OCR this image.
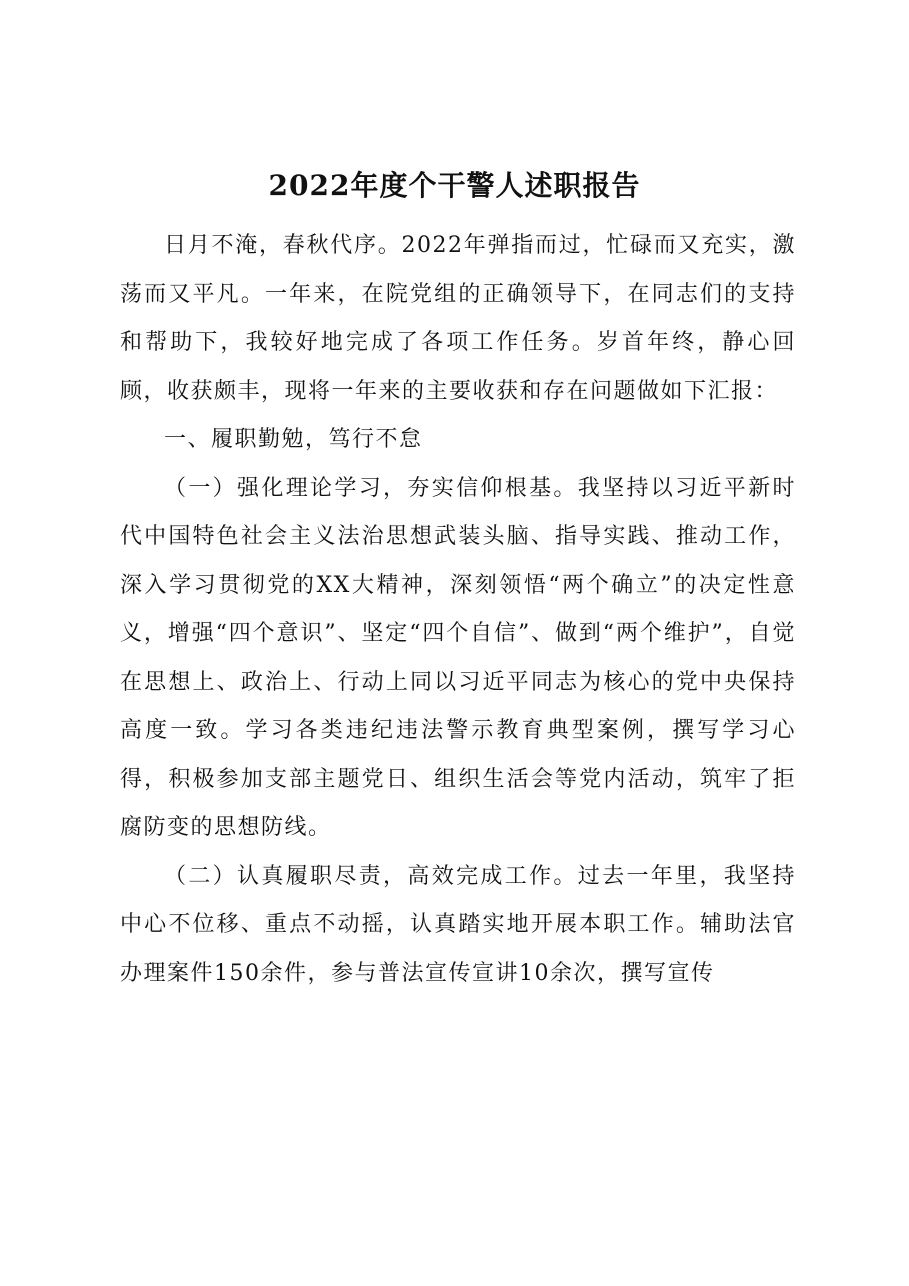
2022年度个干警人述职报告

日月不淹，春秋代序。2022年弹指而过，忙碌而又充实，激荡而又平凡。一年来，在院党组的正确领导下，在同志们的支持和帮助下，我较好地完成了各项工作任务。岁首年终，静心回顾，收获颇丰，现将一年来的主要收获和存在问题做如下汇报：

一、履职勤勉，笃行不怠

（一）强化理论学习，夯实信仰根基。我坚持以习近平新时代中国特色社会主义法治思想武装头脑、指导实践、推动工作，深入学习贯彻党的XX大精神，深刻领悟“两个确立”的决定性意义，增强“四个意识”、坚定“四个自信”、做到“两个维护”，自觉在思想上、政治上、行动上同以习近平同志为核心的党中央保持高度一致。学习各类违纪违法警示教育典型案例，撰写学习心得，积极参加支部主题党日、组织生活会等党内活动，筑牢了拒腐防变的思想防线。

（二）认真履职尽责，高效完成工作。过去一年里，我坚持中心不位移、重点不动摇，认真踏实地开展本职工作。辅助法官办理案件150余件，参与普法宣传宣讲10余次，撰写宣传
